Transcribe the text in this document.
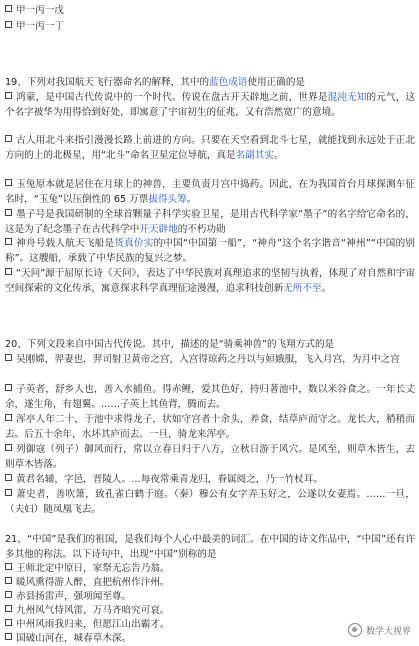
甲一丙一戊
甲一丙一丁
19、下列对我国航天飞行器命名的解释，其中的蓝色成语使用正确的是
鸿蒙，是中国古代传说中的一个时代。传说在盘古开天辟地之前，世界是混沌无知的元气，这个名字被华为用得恰到好处，即寓意了宇宙初生的征兆，又有浩然宽广的意境。
古人用北斗来指引漫漫长路上前进的方向。只要在天空看到北斗七星，就能找到永远处于正北方向的上的北极星，用“北斗”命名卫星定位导航，真是名副其实。
玉兔原本就是居住在月球上的神兽，主要负责月宫中捣药。因此，在为我国首台月球探测车征名时，“玉兔”以压倒性的 65 万票拔得头筹。
墨子号是我国研制的全球首颗量子科学实验卫星，是用古代科学家“墨子”的名字给它命名的，这是为了纪念墨子在古代科学中开天辟地的不朽功勋
神舟号载人航天飞船是货真价实的中国“中国第一船”，“神舟”这个名字谐音“神州”“中国的别称”。这艘船，承载了中华民族的复兴之梦。
“天问”源于屈原长诗《天问》，表达了中华民族对真理追求的坚韧与执着，体现了对自然和宇宙空间探索的文化传承，寓意探求科学真理征途漫漫，追求科技创新无所不至。
20、下列文段来自中国古代传说。其中，描述的是“骑乘神兽”的飞翔方式的是
吴刚嫦，羿妻也，羿司射卫黄帝之宫，入宫得琼药之丹以与姮娥服，飞入月宫，为月中之宫
子英者，舒乡人也，善入水捕鱼。得赤鲤，爱其色好，持归著池中，数以米谷食之。一年长丈余，遂生角，有翅翼。……子英上其鱼背，腾而去。
浑亭人年二十，于池中求得龙子，状如守宫者十余头，养食，结草庐而守之。龙长大，稍稍而去。后五十余年，水坏其庐而去。一旦，骑龙来浑亭。
列御寇（列子）御风而行，常以立春日归于八方，立秋日游于风穴。是风至，则草木皆生，去则草木皆落。
黄君名辅，字邑，晋陵人。…每夜常乘青龙归，眷属阅之，乃一竹杖耳。
萧史者，善吹箫，致孔雀白鹤于庭。（秦）穆公有女字弄玉好之，公遂以女妻焉。……一旦，（夫妇）随凤凰飞去。
21、“中国”是我们的祖国，是我们每个人心中最美的词汇。在中国的诗文作品中，“中国”还有许多其他的称法。以下诗句中，出现“中国”别称的是
王师北定中原日，家祭无忘告乃翁。
暖风熏得游人醉，直把杭州作汴州。
赤县扬雷声，强项闻至尊。
九州风气恃风雷，万马齐喑究可哀。
中州风雨我归来，但愿江山出霸才。
国破山河在，城春草木深。
数学大视界
